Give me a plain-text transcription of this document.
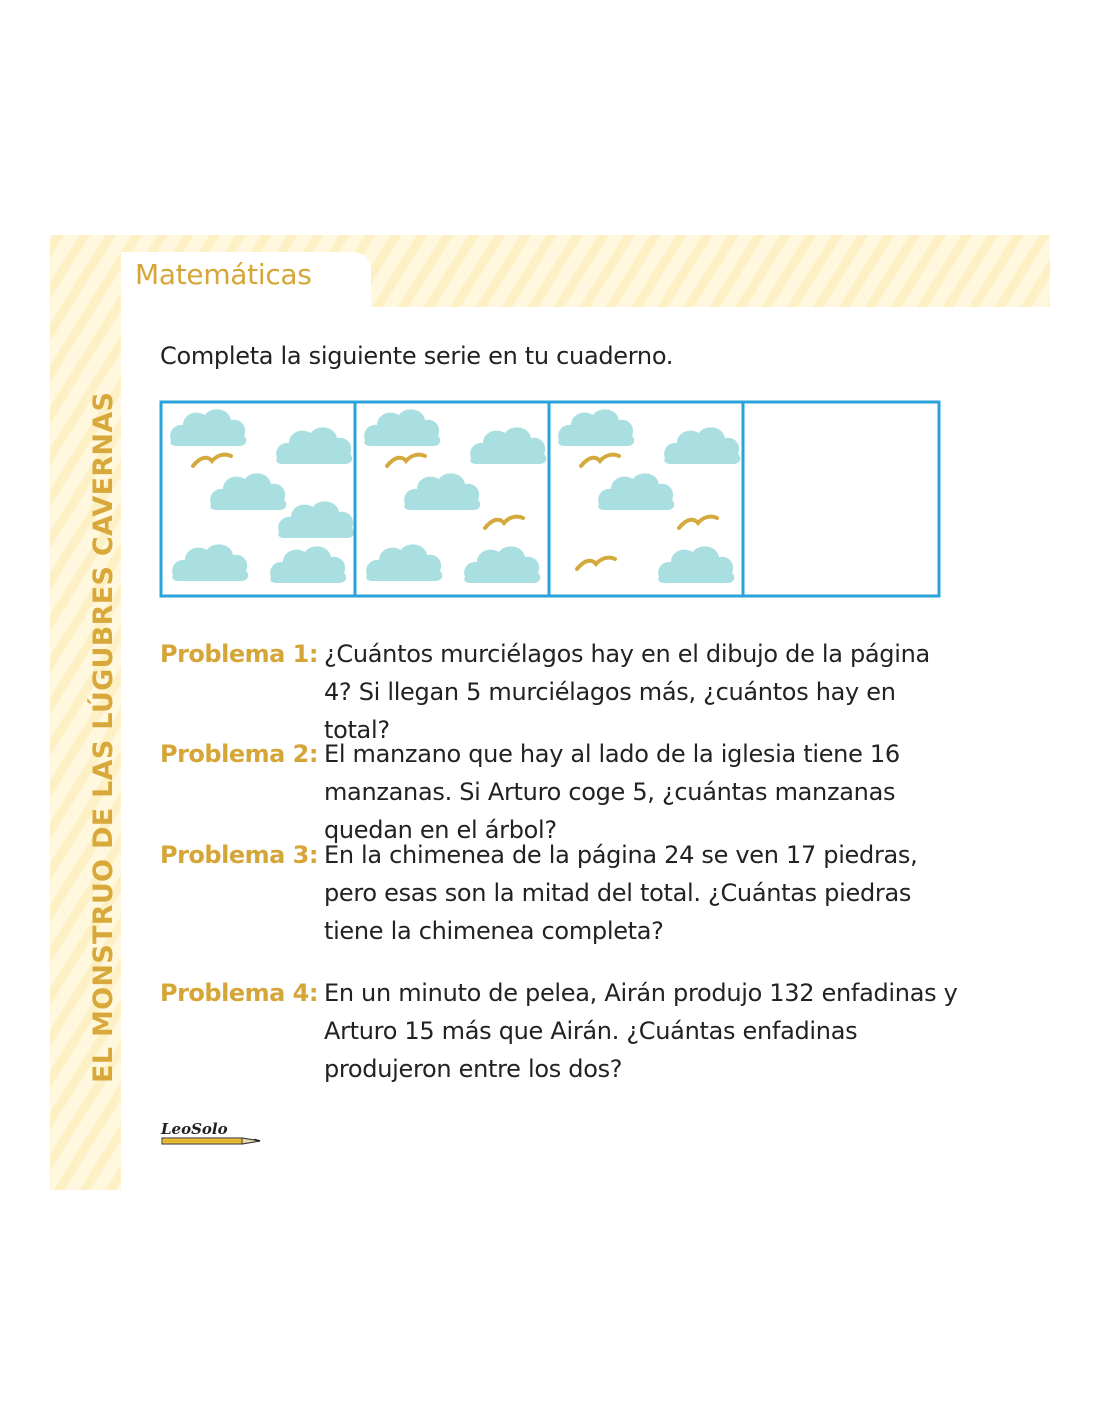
Matemáticas
EL MONSTRUO DE LAS LÚGUBRES CAVERNAS
Completa la siguiente serie en tu cuaderno.
Problema 1: ¿Cuántos murciélagos hay en el dibujo de la página 4? Si llegan 5 murciélagos más, ¿cuántos hay en total?
Problema 2: El manzano que hay al lado de la iglesia tiene 16 manzanas. Si Arturo coge 5, ¿cuántas manzanas quedan en el árbol?
Problema 3: En la chimenea de la página 24 se ven 17 piedras, pero esas son la mitad del total. ¿Cuántas piedras tiene la chimenea completa?
Problema 4: En un minuto de pelea, Airán produjo 132 enfadinas y Arturo 15 más que Airán. ¿Cuántas enfadinas produjeron entre los dos?
LeoSolo
